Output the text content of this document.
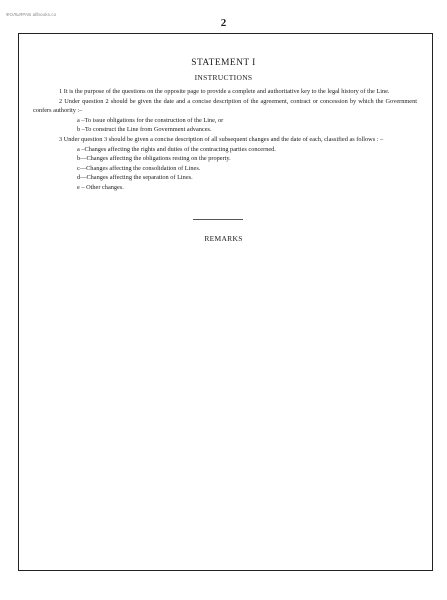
ФОЛЬЯРАБ allbooks.co
2
STATEMENT I
INSTRUCTIONS

1 It is the purpose of the questions on the opposite page to provide a complete and authoritative key to the legal history of the Line.

2 Under question 2 should be given the date and a concise description of the agreement, contract or concession by which the Government confers authority :–

a –To issue obligations for the construction of the Line, or

b –To construct the Line from Government advances.

3 Under question 3 should be given a concise description of all subsequent changes and the date of each, classified as follows : –

a –Changes affecting the rights and duties of the contracting parties concerned.

b—Changes affecting the obligations resting on the property.

c—Changes affecting the consolidation of Lines.

d—Changes affecting the separation of Lines.

e – Other changes.

REMARKS
